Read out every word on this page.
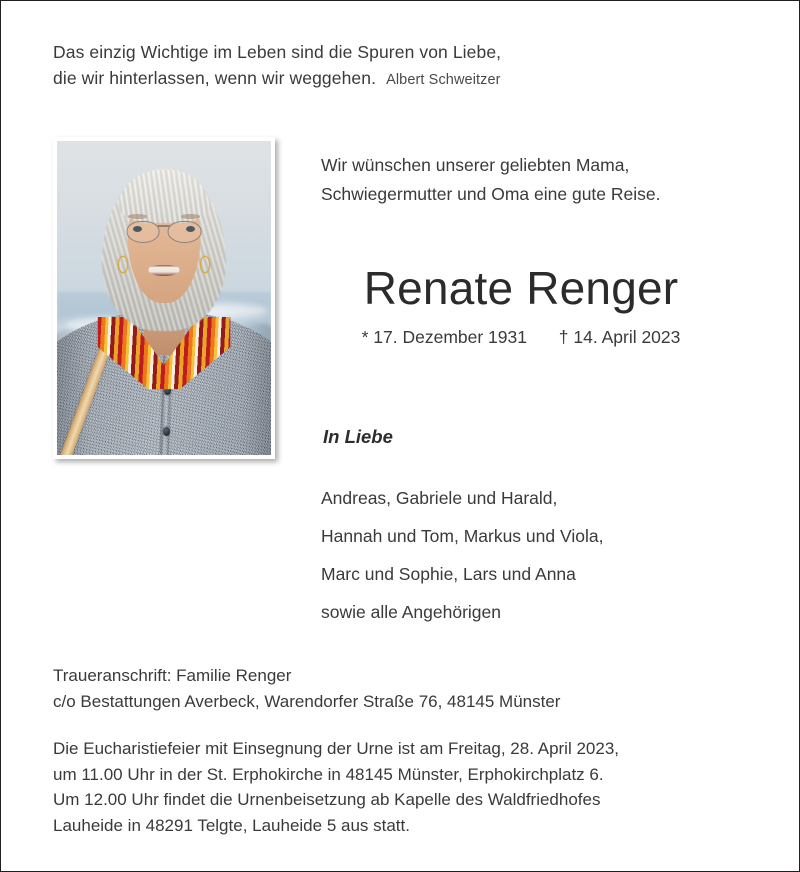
Das einzig Wichtige im Leben sind die Spuren von Liebe,
die wir hinterlassen, wenn wir weggehen. Albert Schweitzer
Wir wünschen unserer geliebten Mama,
Schwiegermutter und Oma eine gute Reise.
Renate Renger
* 17. Dezember 1931 † 14. April 2023
In Liebe
Andreas, Gabriele und Harald,
Hannah und Tom, Markus und Viola,
Marc und Sophie, Lars und Anna
sowie alle Angehörigen
Traueranschrift: Familie Renger
c/o Bestattungen Averbeck, Warendorfer Straße 76, 48145 Münster
Die Eucharistiefeier mit Einsegnung der Urne ist am Freitag, 28. April 2023,
um 11.00 Uhr in der St. Erphokirche in 48145 Münster, Erphokirchplatz 6.
Um 12.00 Uhr findet die Urnenbeisetzung ab Kapelle des Waldfriedhofes
Lauheide in 48291 Telgte, Lauheide 5 aus statt.
